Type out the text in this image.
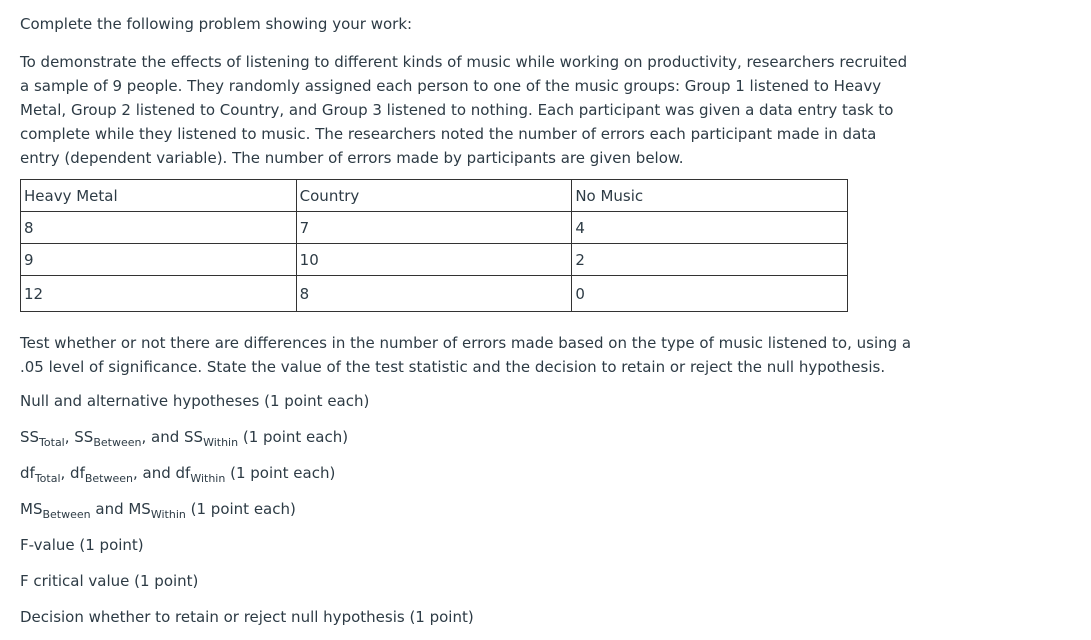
Complete the following problem showing your work:

To demonstrate the effects of listening to different kinds of music while working on productivity, researchers recruited
a sample of 9 people. They randomly assigned each person to one of the music groups: Group 1 listened to Heavy
Metal, Group 2 listened to Country, and Group 3 listened to nothing. Each participant was given a data entry task to
complete while they listened to music. The researchers noted the number of errors each participant made in data
entry (dependent variable). The number of errors made by participants are given below.

Heavy Metal	Country	No Music
8	7	4
9	10	2
12	8	0

Test whether or not there are differences in the number of errors made based on the type of music listened to, using a
.05 level of significance. State the value of the test statistic and the decision to retain or reject the null hypothesis.

Null and alternative hypotheses (1 point each)

$SS_{Total}$, $SS_{Between}$, and $SS_{Within}$ (1 point each)

$df_{Total}$, $df_{Between}$, and $df_{Within}$ (1 point each)

$MS_{Between}$ and $MS_{Within}$ (1 point each)

F-value (1 point)

F critical value (1 point)

Decision whether to retain or reject null hypothesis (1 point)
